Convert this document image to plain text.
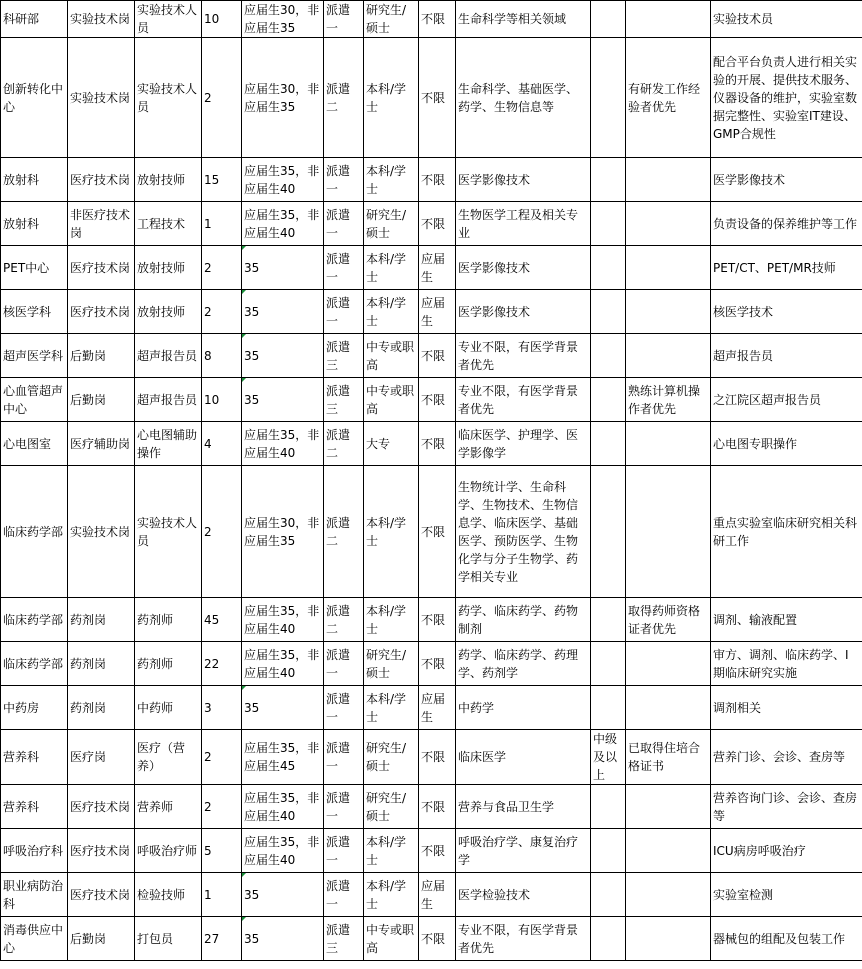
科研部	实验技术岗	实验技术人员	10	应届生30，非应届生35	派遣一	研究生/硕士	不限	生命科学等相关领域			实验技术员
创新转化中心	实验技术岗	实验技术人员	2	应届生30，非应届生35	派遣二	本科/学士	不限	生命科学、基础医学、药学、生物信息等		有研发工作经验者优先	配合平台负责人进行相关实验的开展、提供技术服务、仪器设备的维护，实验室数据完整性、实验室IT建设、GMP合规性
放射科	医疗技术岗	放射技师	15	应届生35，非应届生40	派遣一	本科/学士	不限	医学影像技术			医学影像技术
放射科	非医疗技术岗	工程技术	1	应届生35，非应届生40	派遣一	研究生/硕士	不限	生物医学工程及相关专业			负责设备的保养维护等工作
PET中心	医疗技术岗	放射技师	2	35	派遣一	本科/学士	应届生	医学影像技术			PET/CT、PET/MR技师
核医学科	医疗技术岗	放射技师	2	35	派遣一	本科/学士	应届生	医学影像技术			核医学技术
超声医学科	后勤岗	超声报告员	8	35	派遣三	中专或职高	不限	专业不限，有医学背景者优先			超声报告员
心血管超声中心	后勤岗	超声报告员	10	35	派遣三	中专或职高	不限	专业不限，有医学背景者优先		熟练计算机操作者优先	之江院区超声报告员
心电图室	医疗辅助岗	心电图辅助操作	4	应届生35，非应届生40	派遣二	大专	不限	临床医学、护理学、医学影像学			心电图专职操作
临床药学部	实验技术岗	实验技术人员	2	应届生30，非应届生35	派遣二	本科/学士	不限	生物统计学、生命科学、生物技术、生物信息学、临床医学、基础医学、预防医学、生物化学与分子生物学、药学相关专业			重点实验室临床研究相关科研工作
临床药学部	药剂岗	药剂师	45	应届生35，非应届生40	派遣二	本科/学士	不限	药学、临床药学、药物制剂		取得药师资格证者优先	调剂、输液配置
临床药学部	药剂岗	药剂师	22	应届生35，非应届生40	派遣一	研究生/硕士	不限	药学、临床药学、药理学、药剂学			审方、调剂、临床药学、I期临床研究实施
中药房	药剂岗	中药师	3	35	派遣一	本科/学士	应届生	中药学			调剂相关
营养科	医疗岗	医疗（营养）	2	应届生35，非应届生45	派遣一	研究生/硕士	不限	临床医学	中级及以上	已取得住培合格证书	营养门诊、会诊、查房等
营养科	医疗技术岗	营养师	2	应届生35，非应届生40	派遣一	研究生/硕士	不限	营养与食品卫生学			营养咨询门诊、会诊、查房等
呼吸治疗科	医疗技术岗	呼吸治疗师	5	应届生35，非应届生40	派遣一	本科/学士	不限	呼吸治疗学、康复治疗学			ICU病房呼吸治疗
职业病防治科	医疗技术岗	检验技师	1	35	派遣一	本科/学士	应届生	医学检验技术			实验室检测
消毒供应中心	后勤岗	打包员	27	35	派遣三	中专或职高	不限	专业不限，有医学背景者优先			器械包的组配及包装工作
